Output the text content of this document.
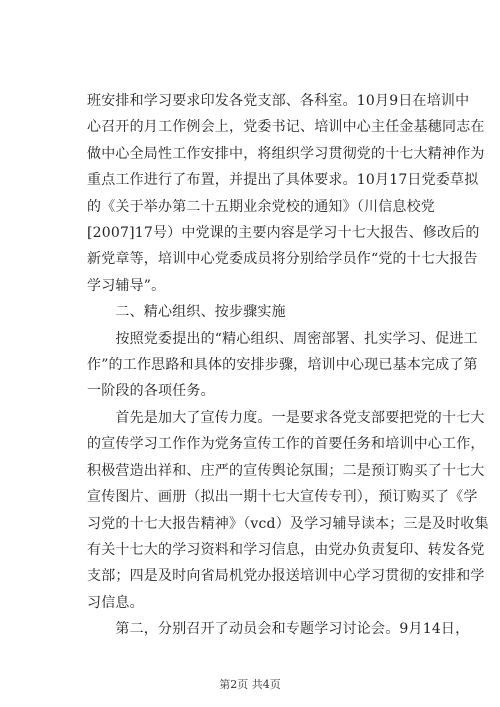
班安排和学习要求印发各党支部、各科室。10月9日在培训中
心召开的月工作例会上，党委书记、培训中心主任金基穗同志在
做中心全局性工作安排中，将组织学习贯彻党的十七大精神作为
重点工作进行了布置，并提出了具体要求。10月17日党委草拟
的《关于举办第二十五期业余党校的通知》（川信息校党
[2007]17号）中党课的主要内容是学习十七大报告、修改后的
新党章等，培训中心党委成员将分别给学员作“党的十七大报告
学习辅导”。
　　二、精心组织、按步骤实施
　　按照党委提出的“精心组织、周密部署、扎实学习、促进工
作”的工作思路和具体的安排步骤，培训中心现已基本完成了第
一阶段的各项任务。
　　首先是加大了宣传力度。一是要求各党支部要把党的十七大
的宣传学习工作作为党务宣传工作的首要任务和培训中心工作，
积极营造出祥和、庄严的宣传舆论氛围；二是预订购买了十七大
宣传图片、画册（拟出一期十七大宣传专刊），预订购买了《学
习党的十七大报告精神》（vcd）及学习辅导读本；三是及时收集
有关十七大的学习资料和学习信息，由党办负责复印、转发各党
支部；四是及时向省局机党办报送培训中心学习贯彻的安排和学
习信息。
　　第二，分别召开了动员会和专题学习讨论会。9月14日，
第2页 共4页
